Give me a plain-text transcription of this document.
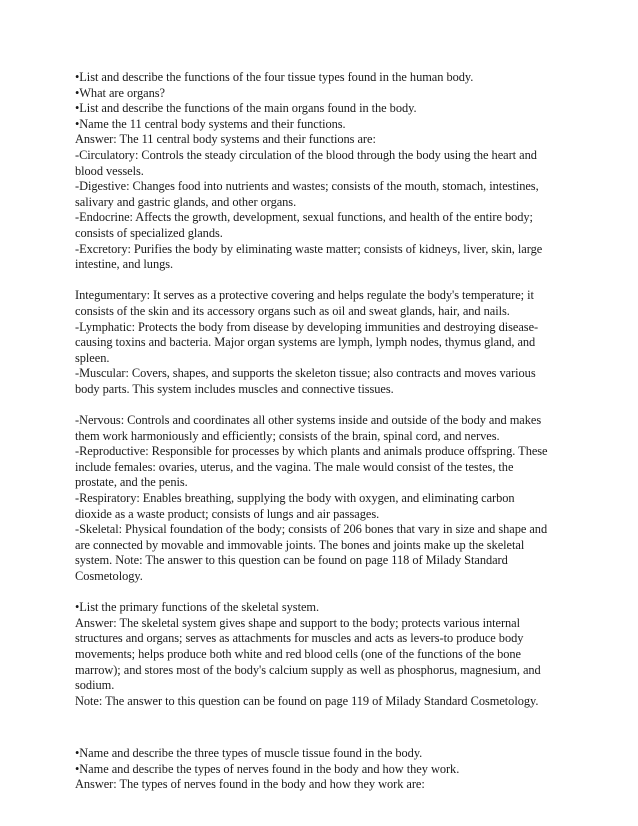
•List and describe the functions of the four tissue types found in the human body.

•What are organs?

•List and describe the functions of the main organs found in the body.

•Name the 11 central body systems and their functions.

Answer: The 11 central body systems and their functions are:

-Circulatory: Controls the steady circulation of the blood through the body using the heart and

blood vessels.

-Digestive: Changes food into nutrients and wastes; consists of the mouth, stomach, intestines,

salivary and gastric glands, and other organs.

-Endocrine: Affects the growth, development, sexual functions, and health of the entire body;

consists of specialized glands.

-Excretory: Purifies the body by eliminating waste matter; consists of kidneys, liver, skin, large

intestine, and lungs.

Integumentary: It serves as a protective covering and helps regulate the body's temperature; it

consists of the skin and its accessory organs such as oil and sweat glands, hair, and nails.

-Lymphatic: Protects the body from disease by developing immunities and destroying disease-

causing toxins and bacteria. Major organ systems are lymph, lymph nodes, thymus gland, and

spleen.

-Muscular: Covers, shapes, and supports the skeleton tissue; also contracts and moves various

body parts. This system includes muscles and connective tissues.

-Nervous: Controls and coordinates all other systems inside and outside of the body and makes

them work harmoniously and efficiently; consists of the brain, spinal cord, and nerves.

-Reproductive: Responsible for processes by which plants and animals produce offspring. These

include females: ovaries, uterus, and the vagina. The male would consist of the testes, the

prostate, and the penis.

-Respiratory: Enables breathing, supplying the body with oxygen, and eliminating carbon

dioxide as a waste product; consists of lungs and air passages.

-Skeletal: Physical foundation of the body; consists of 206 bones that vary in size and shape and

are connected by movable and immovable joints. The bones and joints make up the skeletal

system. Note: The answer to this question can be found on page 118 of Milady Standard

Cosmetology.

•List the primary functions of the skeletal system.

Answer: The skeletal system gives shape and support to the body; protects various internal

structures and organs; serves as attachments for muscles and acts as levers-to produce body

movements; helps produce both white and red blood cells (one of the functions of the bone

marrow); and stores most of the body's calcium supply as well as phosphorus, magnesium, and

sodium.

Note: The answer to this question can be found on page 119 of Milady Standard Cosmetology.

•Name and describe the three types of muscle tissue found in the body.

•Name and describe the types of nerves found in the body and how they work.

Answer: The types of nerves found in the body and how they work are:
